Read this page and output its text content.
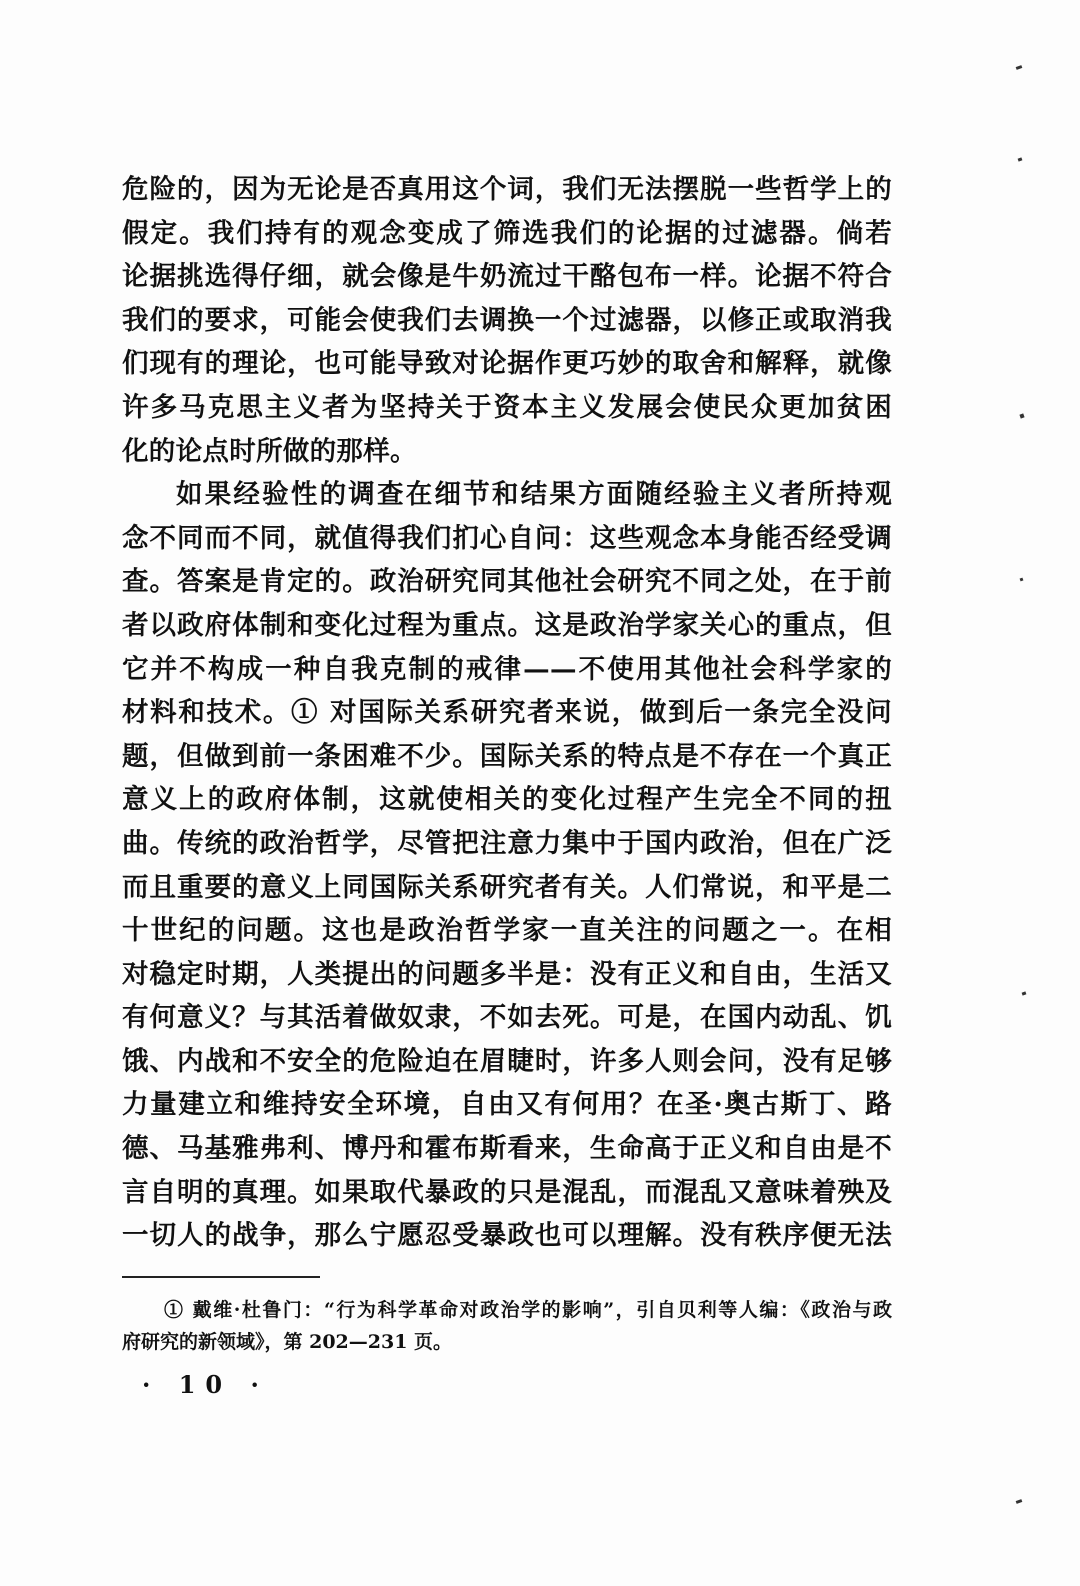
危险的，因为无论是否真用这个词，我们无法摆脱一些哲学上的
假定。我们持有的观念变成了筛选我们的论据的过滤器。倘若
论据挑选得仔细，就会像是牛奶流过干酪包布一样。论据不符合
我们的要求，可能会使我们去调换一个过滤器，以修正或取消我
们现有的理论，也可能导致对论据作更巧妙的取舍和解释，就像
许多马克思主义者为坚持关于资本主义发展会使民众更加贫困
化的论点时所做的那样。
如果经验性的调查在细节和结果方面随经验主义者所持观
念不同而不同，就值得我们扪心自问：这些观念本身能否经受调
查。答案是肯定的。政治研究同其他社会研究不同之处，在于前
者以政府体制和变化过程为重点。这是政治学家关心的重点，但
它并不构成一种自我克制的戒律——不使用其他社会科学家的
材料和技术。① 对国际关系研究者来说，做到后一条完全没问
题，但做到前一条困难不少。国际关系的特点是不存在一个真正
意义上的政府体制，这就使相关的变化过程产生完全不同的扭
曲。传统的政治哲学，尽管把注意力集中于国内政治，但在广泛
而且重要的意义上同国际关系研究者有关。人们常说，和平是二
十世纪的问题。这也是政治哲学家一直关注的问题之一。在相
对稳定时期，人类提出的问题多半是：没有正义和自由，生活又
有何意义？与其活着做奴隶，不如去死。可是，在国内动乱、饥
饿、内战和不安全的危险迫在眉睫时，许多人则会问，没有足够
力量建立和维持安全环境，自由又有何用？在圣·奥古斯丁、路
德、马基雅弗利、博丹和霍布斯看来，生命高于正义和自由是不
言自明的真理。如果取代暴政的只是混乱，而混乱又意味着殃及
一切人的战争，那么宁愿忍受暴政也可以理解。没有秩序便无法
① 戴维·杜鲁门：“行为科学革命对政治学的影响”，引自贝利等人编：《政治与政
府研究的新领域》，第 202—231 页。
· 10 ·
